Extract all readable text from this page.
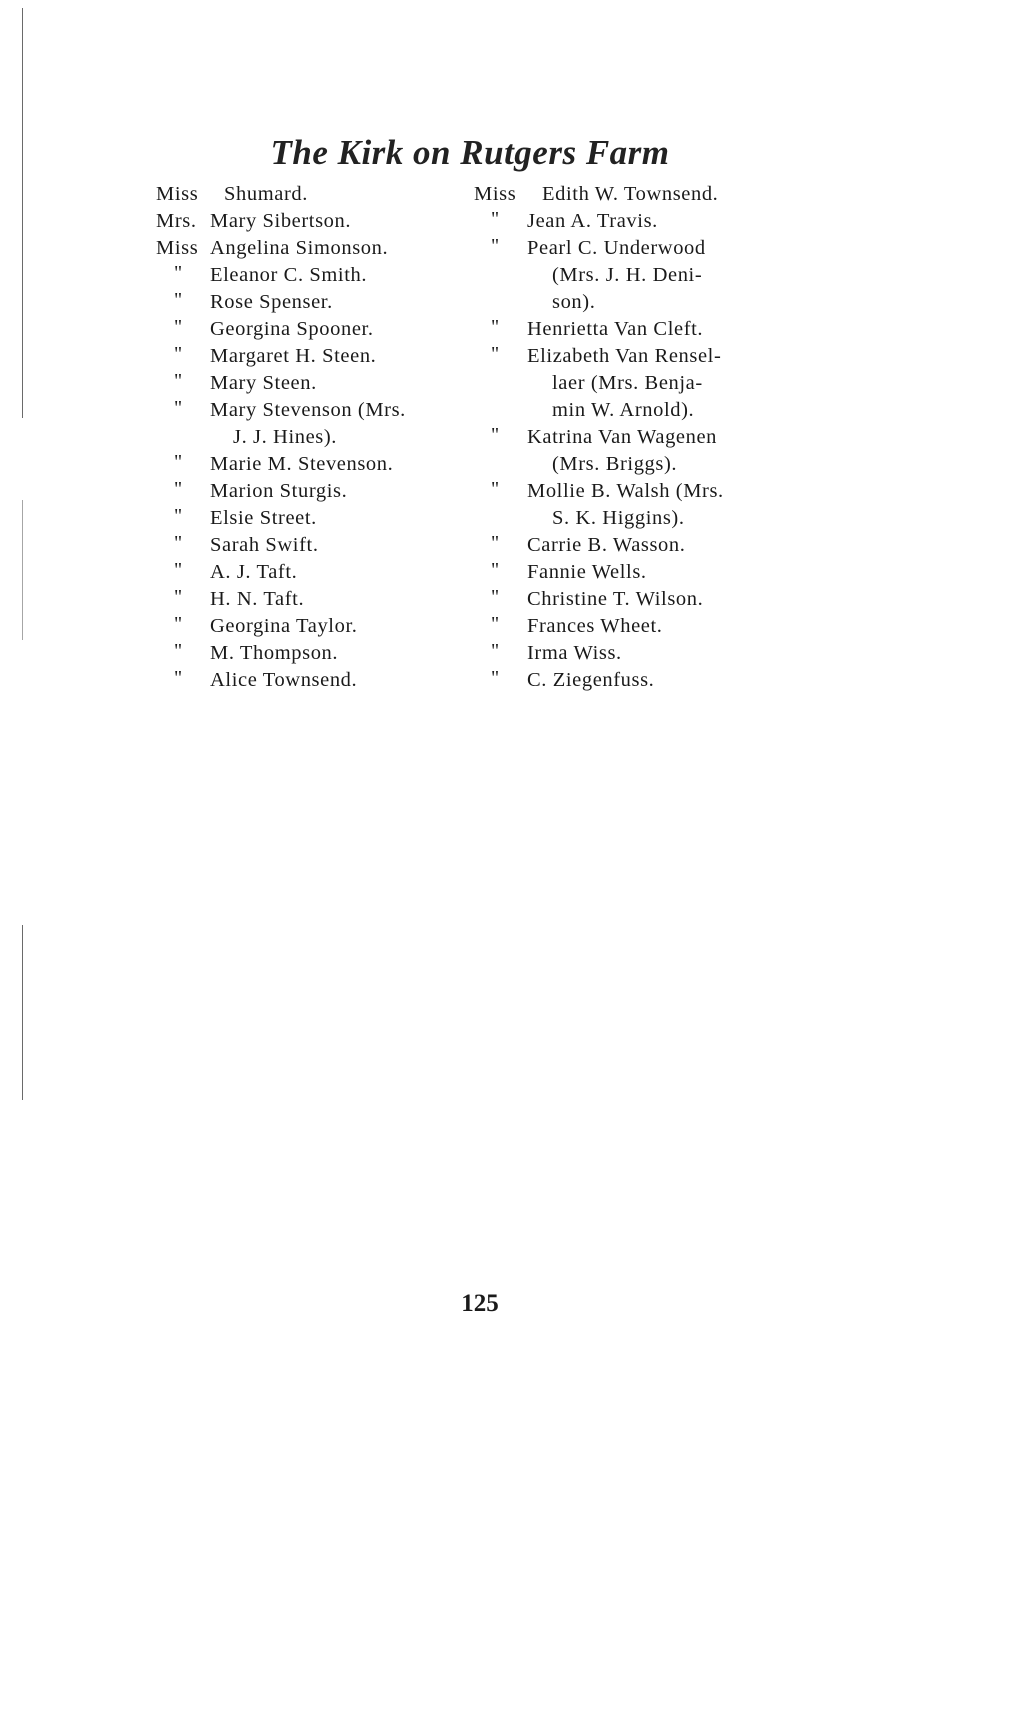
The Kirk on Rutgers Farm
Miss Shumard.
Mrs. Mary Sibertson.
Miss Angelina Simonson.
" Eleanor C. Smith.
" Rose Spenser.
" Georgina Spooner.
" Margaret H. Steen.
" Mary Steen.
" Mary Stevenson (Mrs.
J. J. Hines).
" Marie M. Stevenson.
" Marion Sturgis.
" Elsie Street.
" Sarah Swift.
" A. J. Taft.
" H. N. Taft.
" Georgina Taylor.
" M. Thompson.
" Alice Townsend.
Miss Edith W. Townsend.
" Jean A. Travis.
" Pearl C. Underwood
(Mrs. J. H. Deni-
son).
" Henrietta Van Cleft.
" Elizabeth Van Rensel-
laer (Mrs. Benja-
min W. Arnold).
" Katrina Van Wagenen
(Mrs. Briggs).
" Mollie B. Walsh (Mrs.
S. K. Higgins).
" Carrie B. Wasson.
" Fannie Wells.
" Christine T. Wilson.
" Frances Wheet.
" Irma Wiss.
" C. Ziegenfuss.
125
